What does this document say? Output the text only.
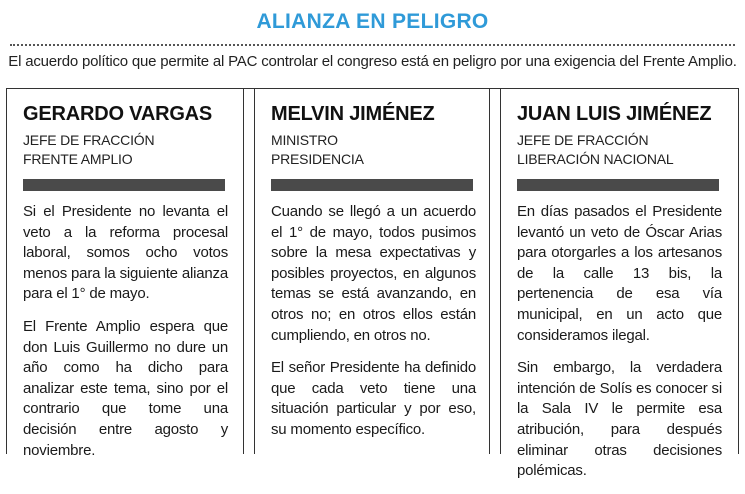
ALIANZA EN PELIGRO
El acuerdo político que permite al PAC controlar el congreso está en peligro por una exigencia del Frente Amplio.
GERARDO VARGAS
JEFE DE FRACCIÓN
FRENTE AMPLIO

Si el Presidente no levanta el veto a la reforma procesal laboral, somos ocho votos menos para la siguiente alianza para el 1° de mayo.

El Frente Amplio espera que don Luis Guillermo no dure un año como ha dicho para analizar este tema, sino por el contrario que tome una decisión entre agosto y noviembre.

MELVIN JIMÉNEZ
MINISTRO
PRESIDENCIA

Cuando se llegó a un acuerdo el 1° de mayo, todos pusimos sobre la mesa expectativas y posibles proyectos, en algunos temas se está avanzando, en otros no; en otros ellos están cumpliendo, en otros no.

El señor Presidente ha definido que cada veto tiene una situación particular y por eso, su momento específico.

JUAN LUIS JIMÉNEZ
JEFE DE FRACCIÓN
LIBERACIÓN NACIONAL

En días pasados el Presidente levantó un veto de Óscar Arias para otorgarles a los artesanos de la calle 13 bis, la pertenencia de esa vía municipal, en un acto que consideramos ilegal.

Sin embargo, la verdadera intención de Solís es conocer si la Sala IV le permite esa atribución, para después eliminar otras decisiones polémicas.
